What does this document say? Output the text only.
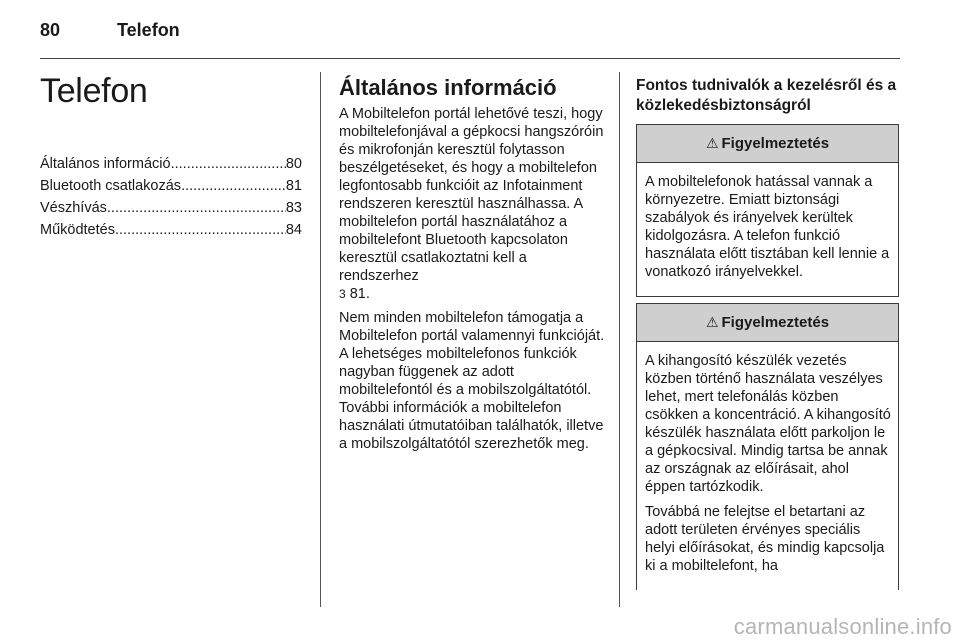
80	Telefon
Telefon
Általános információ .....	80
Bluetooth csatlakozás .....	81
Vészhívás .....	83
Működtetés .....	84
Általános információ

A Mobiltelefon portál lehetővé teszi, hogy mobiltelefonjával a gépkocsi hangszóróin és mikrofonján keresztül folytasson beszélgetéseket, és hogy a mobiltelefon legfontosabb funkcióit az Infotainment rendszeren keresztül használhassa. A mobiltelefon portál használatához a mobiltelefont Bluetooth kapcsolaton keresztül csatlakoztatni kell a rendszerhez
3 81.

Nem minden mobiltelefon támogatja a Mobiltelefon portál valamennyi funkcióját. A lehetséges mobiltelefonos funkciók nagyban függenek az adott mobiltelefontól és a mobilszolgáltatótól. További információk a mobiltelefon használati útmutatóiban találhatók, illetve a mobilszolgáltatótól szerezhetők meg.

Fontos tudnivalók a kezelésről és a közlekedésbiztonságról
⚠ Figyelmeztetés

A mobiltelefonok hatással vannak a környezetre. Emiatt biztonsági szabályok és irányelvek kerültek kidolgozásra. A telefon funkció használata előtt tisztában kell lennie a vonatkozó irányelvekkel.

⚠ Figyelmeztetés

A kihangosító készülék vezetés közben történő használata veszélyes lehet, mert telefonálás közben csökken a koncentráció. A kihangosító készülék használata előtt parkoljon le a gépkocsival. Mindig tartsa be annak az országnak az előírásait, ahol éppen tartózkodik.

Továbbá ne felejtse el betartani az adott területen érvényes speciális helyi előírásokat, és mindig kapcsolja ki a mobiltelefont, ha

carmanualsonline.info
